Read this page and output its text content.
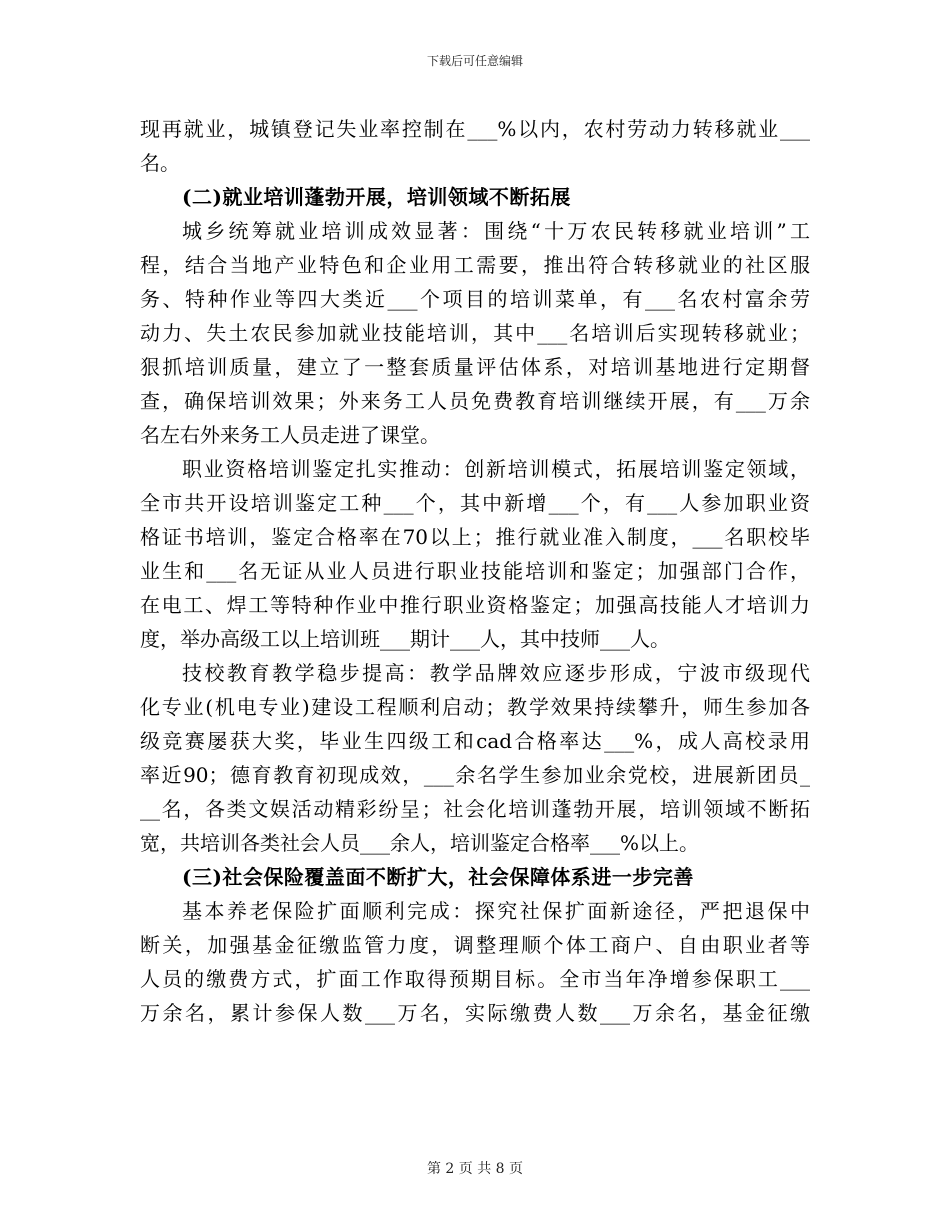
下载后可任意编辑
现再就业，城镇登记失业率控制在___%以内，农村劳动力转移就业___
名。
(二)就业培训蓬勃开展，培训领域不断拓展
城乡统筹就业培训成效显著：围绕“十万农民转移就业培训”工
程，结合当地产业特色和企业用工需要，推出符合转移就业的社区服
务、特种作业等四大类近___个项目的培训菜单，有___名农村富余劳
动力、失土农民参加就业技能培训，其中___名培训后实现转移就业；
狠抓培训质量，建立了一整套质量评估体系，对培训基地进行定期督
查，确保培训效果；外来务工人员免费教育培训继续开展，有___万余
名左右外来务工人员走进了课堂。
职业资格培训鉴定扎实推动：创新培训模式，拓展培训鉴定领域，
全市共开设培训鉴定工种___个，其中新增___个，有___人参加职业资
格证书培训，鉴定合格率在70以上；推行就业准入制度，___名职校毕
业生和___名无证从业人员进行职业技能培训和鉴定；加强部门合作，
在电工、焊工等特种作业中推行职业资格鉴定；加强高技能人才培训力
度，举办高级工以上培训班___期计___人，其中技师___人。
技校教育教学稳步提高：教学品牌效应逐步形成，宁波市级现代
化专业(机电专业)建设工程顺利启动；教学效果持续攀升，师生参加各
级竞赛屡获大奖，毕业生四级工和cad合格率达___%，成人高校录用
率近90；德育教育初现成效，___余名学生参加业余党校，进展新团员_
__名，各类文娱活动精彩纷呈；社会化培训蓬勃开展，培训领域不断拓
宽，共培训各类社会人员___余人，培训鉴定合格率___%以上。
(三)社会保险覆盖面不断扩大，社会保障体系进一步完善
基本养老保险扩面顺利完成：探究社保扩面新途径，严把退保中
断关，加强基金征缴监管力度，调整理顺个体工商户、自由职业者等
人员的缴费方式，扩面工作取得预期目标。全市当年净增参保职工___
万余名，累计参保人数___万名，实际缴费人数___万余名，基金征缴
第 2 页 共 8 页
